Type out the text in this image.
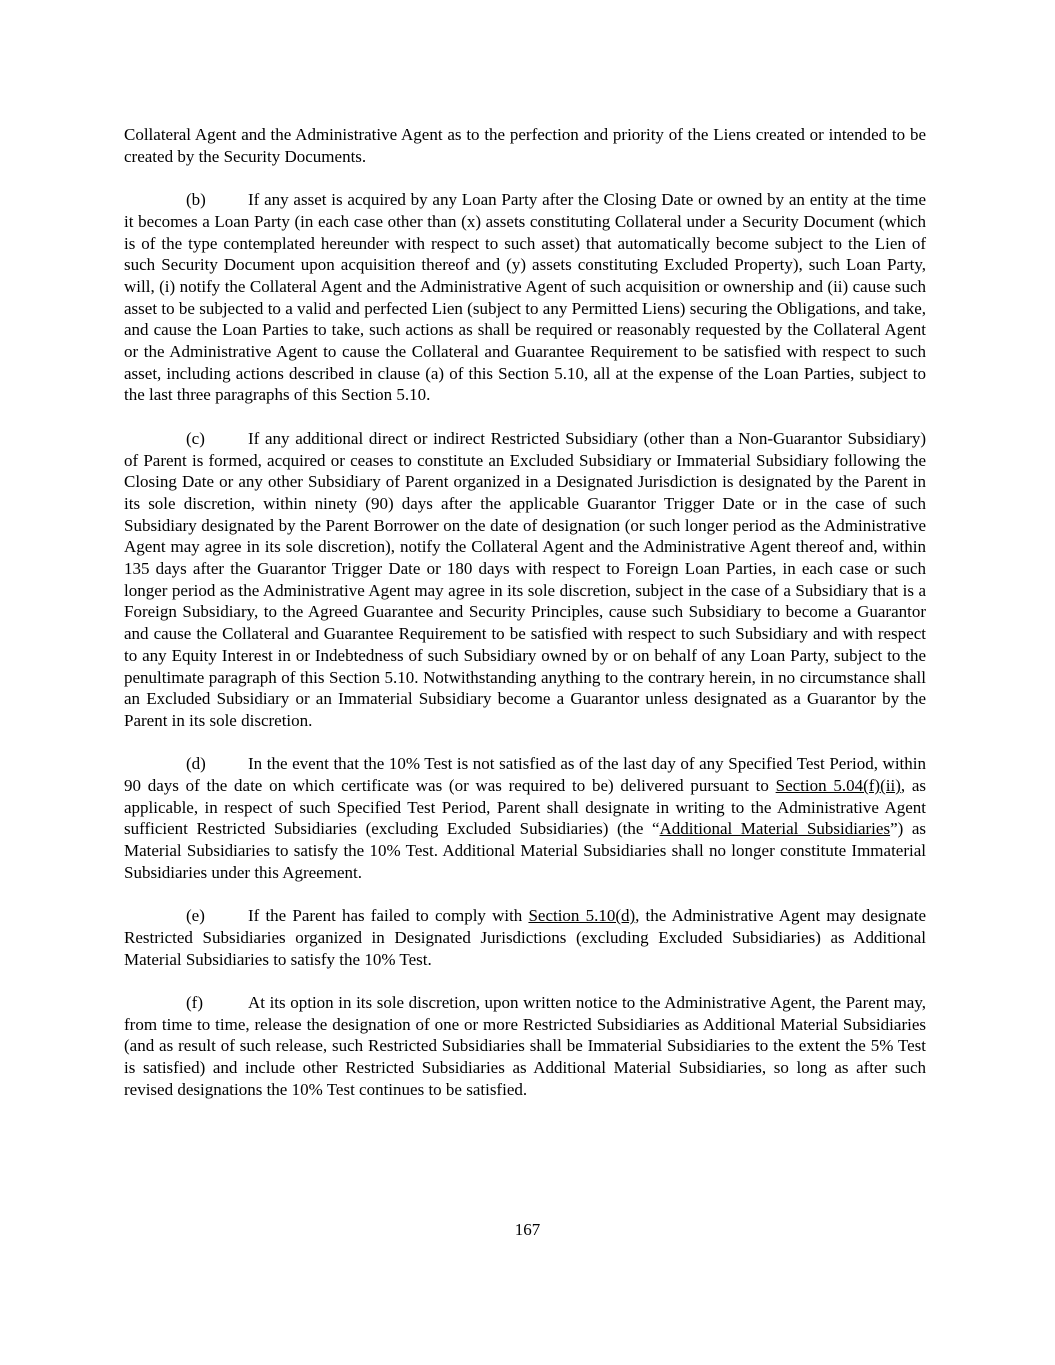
Collateral Agent and the Administrative Agent as to the perfection and priority of the Liens created or intended to be created by the Security Documents.

(b) If any asset is acquired by any Loan Party after the Closing Date or owned by an entity at the time it becomes a Loan Party (in each case other than (x) assets constituting Collateral under a Security Document (which is of the type contemplated hereunder with respect to such asset) that automatically become subject to the Lien of such Security Document upon acquisition thereof and (y) assets constituting Excluded Property), such Loan Party, will, (i) notify the Collateral Agent and the Administrative Agent of such acquisition or ownership and (ii) cause such asset to be subjected to a valid and perfected Lien (subject to any Permitted Liens) securing the Obligations, and take, and cause the Loan Parties to take, such actions as shall be required or reasonably requested by the Collateral Agent or the Administrative Agent to cause the Collateral and Guarantee Requirement to be satisfied with respect to such asset, including actions described in clause (a) of this Section 5.10, all at the expense of the Loan Parties, subject to the last three paragraphs of this Section 5.10.

(c)	If any additional direct or indirect Restricted Subsidiary (other than a Non-Guarantor Subsidiary) of Parent is formed, acquired or ceases to constitute an Excluded Subsidiary or Immaterial Subsidiary following the Closing Date or any other Subsidiary of Parent organized in a Designated Jurisdiction is designated by the Parent in its sole discretion, within ninety (90) days after the applicable Guarantor Trigger Date or in the case of such Subsidiary designated by the Parent Borrower on the date of designation (or such longer period as the Administrative Agent may agree in its sole discretion), notify the Collateral Agent and the Administrative Agent thereof and, within 135 days after the Guarantor Trigger Date or 180 days with respect to Foreign Loan Parties, in each case or such longer period as the Administrative Agent may agree in its sole discretion, subject in the case of a Subsidiary that is a Foreign Subsidiary, to the Agreed Guarantee and Security Principles, cause such Subsidiary to become a Guarantor and cause the Collateral and Guarantee Requirement to be satisfied with respect to such Subsidiary and with respect to any Equity Interest in or Indebtedness of such Subsidiary owned by or on behalf of any Loan Party, subject to the penultimate paragraph of this Section 5.10. Notwithstanding anything to the contrary herein, in no circumstance shall an Excluded Subsidiary or an Immaterial Subsidiary become a Guarantor unless designated as a Guarantor by the Parent in its sole discretion.

(d) In the event that the 10% Test is not satisfied as of the last day of any Specified Test Period, within 90 days of the date on which certificate was (or was required to be) delivered pursuant to Section 5.04(f)(ii), as applicable, in respect of such Specified Test Period, Parent shall designate in writing to the Administrative Agent sufficient Restricted Subsidiaries (excluding Excluded Subsidiaries) (the “Additional Material Subsidiaries”) as Material Subsidiaries to satisfy the 10% Test. Additional Material Subsidiaries shall no longer constitute Immaterial Subsidiaries under this Agreement.

(e)	If the Parent has failed to comply with Section 5.10(d), the Administrative Agent may designate Restricted Subsidiaries organized in Designated Jurisdictions (excluding Excluded Subsidiaries) as Additional Material Subsidiaries to satisfy the 10% Test.

(f)	At its option in its sole discretion, upon written notice to the Administrative Agent, the Parent may, from time to time, release the designation of one or more Restricted Subsidiaries as Additional Material Subsidiaries (and as result of such release, such Restricted Subsidiaries shall be Immaterial Subsidiaries to the extent the 5% Test is satisfied) and include other Restricted Subsidiaries as Additional Material Subsidiaries, so long as after such revised designations the 10% Test continues to be satisfied.

167
